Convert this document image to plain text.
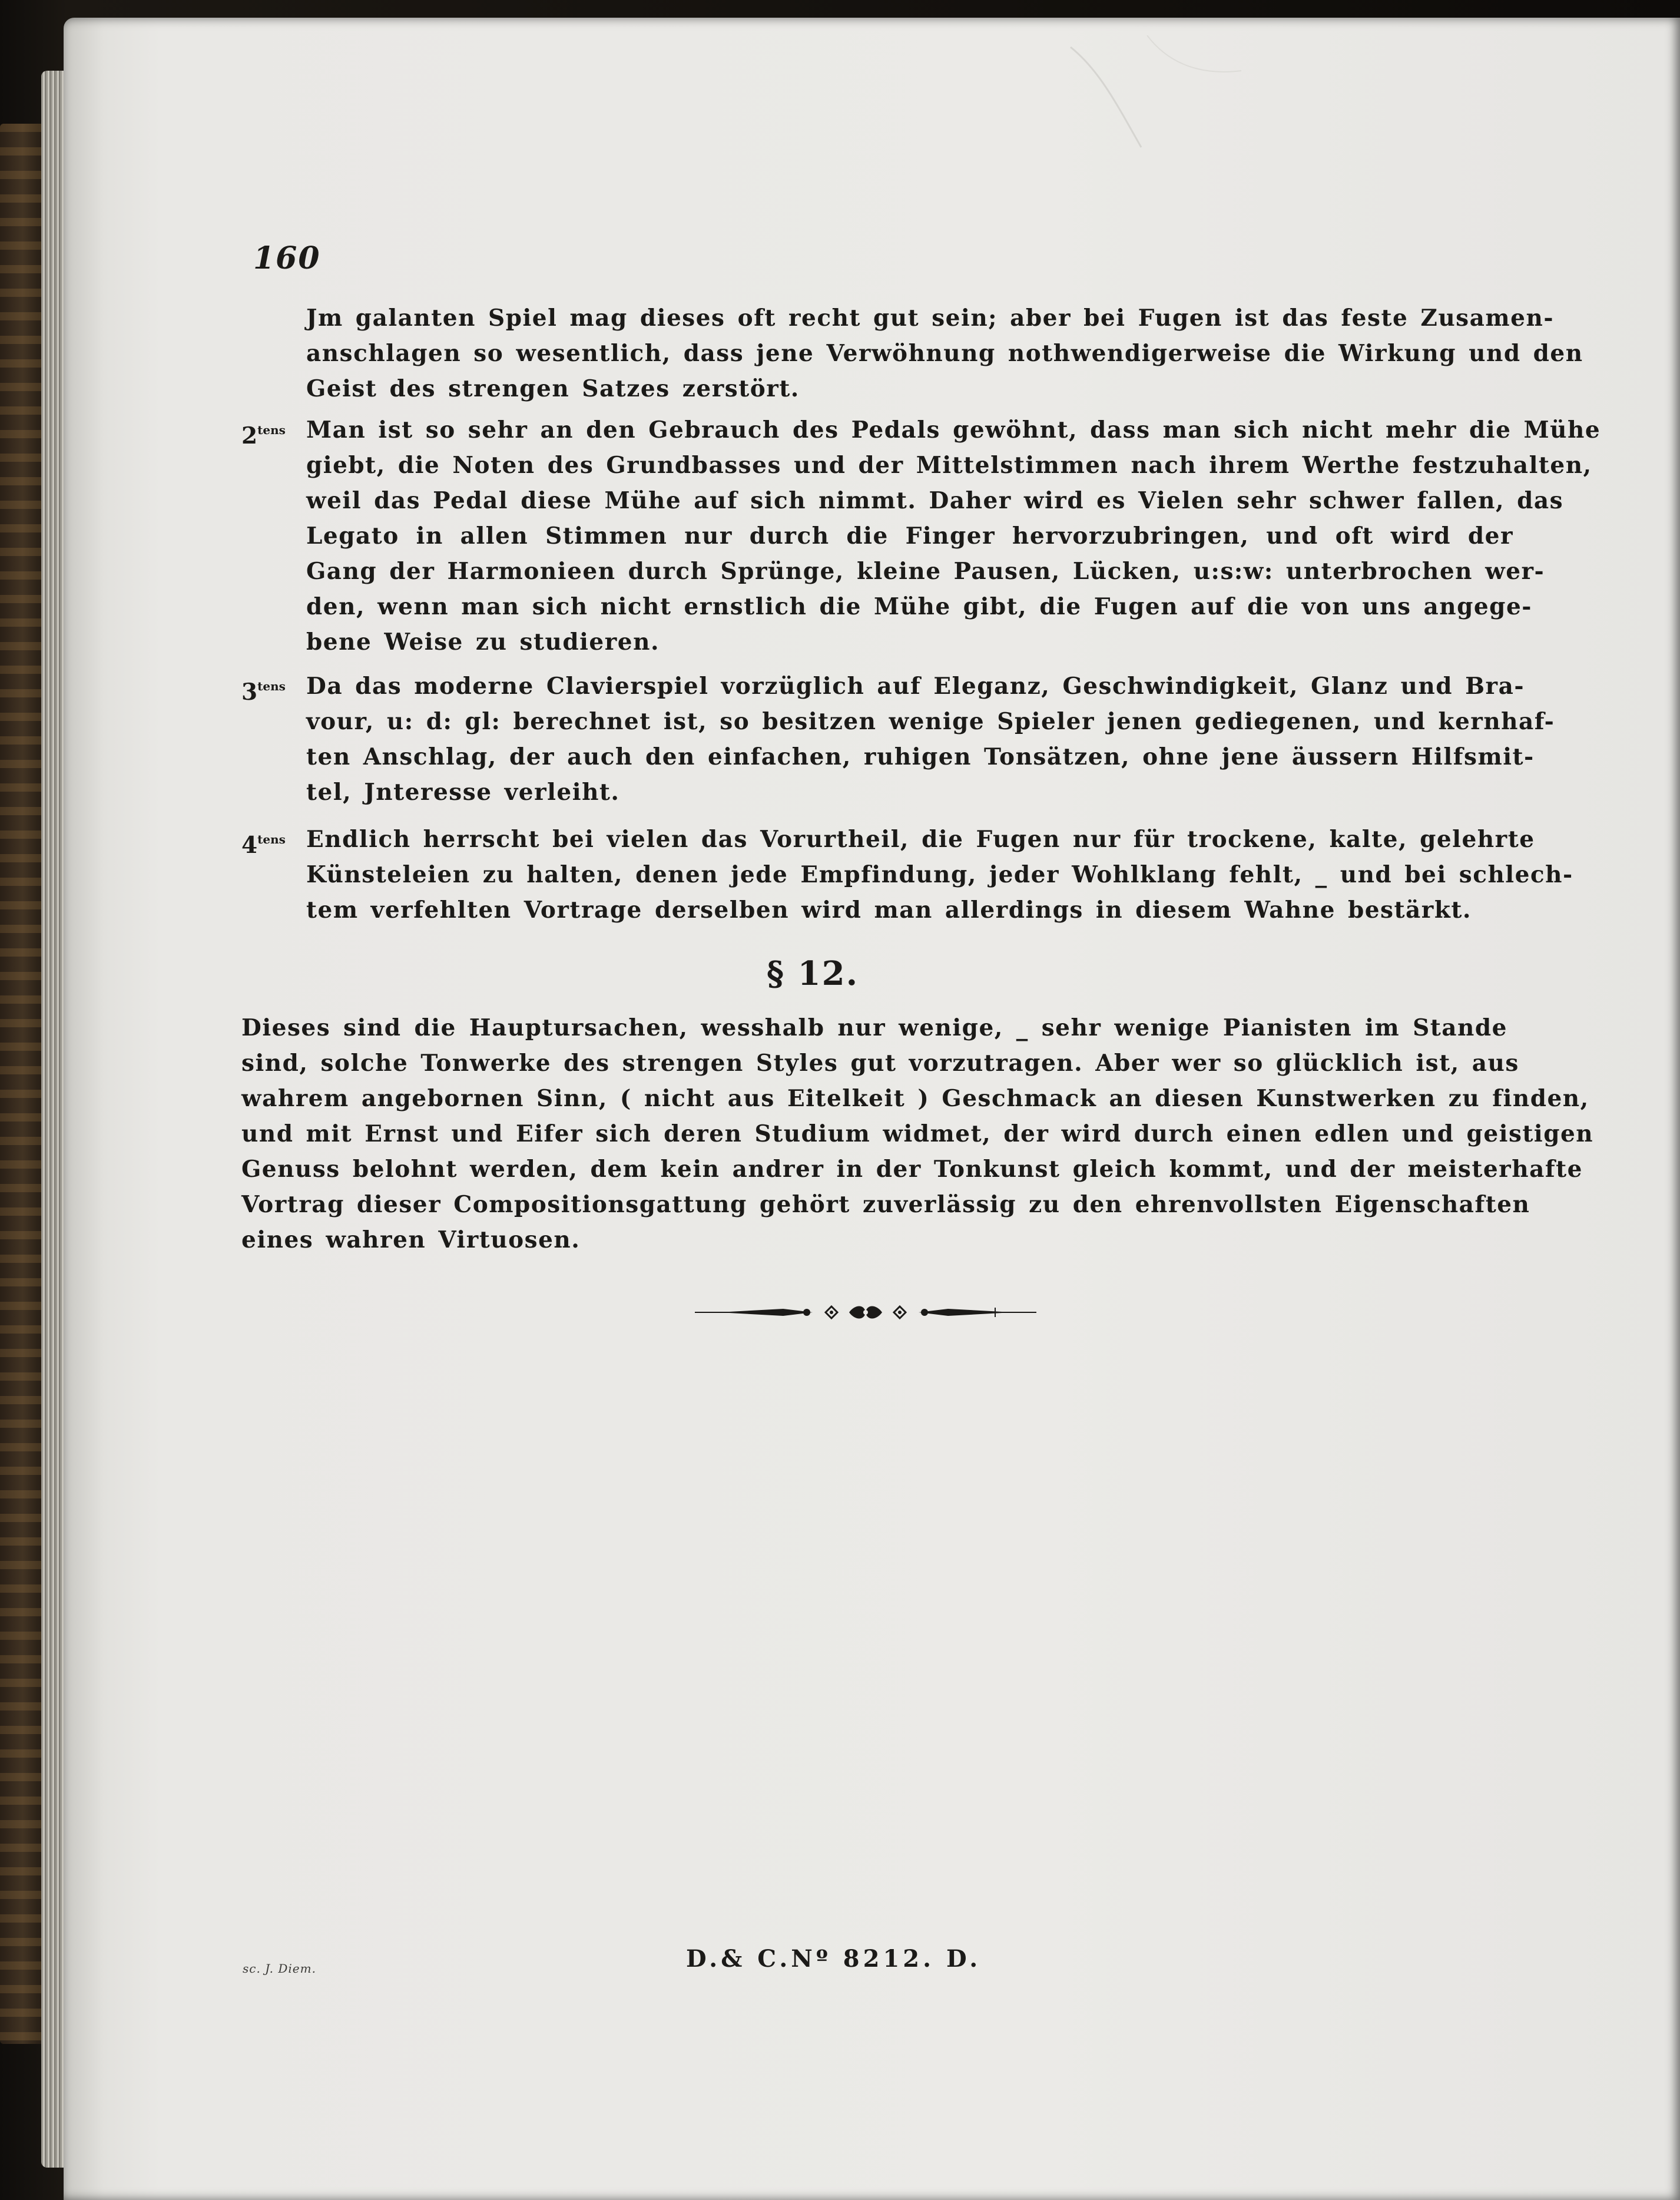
160
Jm galanten Spiel mag dieses oft recht gut sein; aber bei Fugen ist das feste Zusamen-
anschlagen so wesentlich, dass jene Verwöhnung nothwendigerweise die Wirkung und den
Geist des strengen Satzes zerstört.
$2^{tens}$ Man ist so sehr an den Gebrauch des Pedals gewöhnt, dass man sich nicht mehr die Mühe
giebt, die Noten des Grundbasses und der Mittelstimmen nach ihrem Werthe festzuhalten,
weil das Pedal diese Mühe auf sich nimmt. Daher wird es Vielen sehr schwer fallen, das
Legato in allen Stimmen nur durch die Finger hervorzubringen, und oft wird der
Gang der Harmonieen durch Sprünge, kleine Pausen, Lücken, u:s:w: unterbrochen wer-
den, wenn man sich nicht ernstlich die Mühe gibt, die Fugen auf die von uns angege-
bene Weise zu studieren.
$3^{tens}$ Da das moderne Clavierspiel vorzüglich auf Eleganz, Geschwindigkeit, Glanz und Bra-
vour, u: d: gl: berechnet ist, so besitzen wenige Spieler jenen gediegenen, und kernhaf-
ten Anschlag, der auch den einfachen, ruhigen Tonsätzen, ohne jene äussern Hilfsmit-
tel, Jnteresse verleiht.
$4^{tens}$ Endlich herrscht bei vielen das Vorurtheil, die Fugen nur für trockene, kalte, gelehrte
Künsteleien zu halten, denen jede Empfindung, jeder Wohlklang fehlt, _ und bei schlech-
tem verfehlten Vortrage derselben wird man allerdings in diesem Wahne bestärkt.
§ 12.
Dieses sind die Hauptursachen, wesshalb nur wenige, _ sehr wenige Pianisten im Stande
sind, solche Tonwerke des strengen Styles gut vorzutragen. Aber wer so glücklich ist, aus
wahrem angebornen Sinn, ( nicht aus Eitelkeit ) Geschmack an diesen Kunstwerken zu finden,
und mit Ernst und Eifer sich deren Studium widmet, der wird durch einen edlen und geistigen
Genuss belohnt werden, dem kein andrer in der Tonkunst gleich kommt, und der meisterhafte
Vortrag dieser Compositionsgattung gehört zuverlässig zu den ehrenvollsten Eigenschaften
eines wahren Virtuosen.
sc. J. Diem.	D.& C.Nº 8212. D.
